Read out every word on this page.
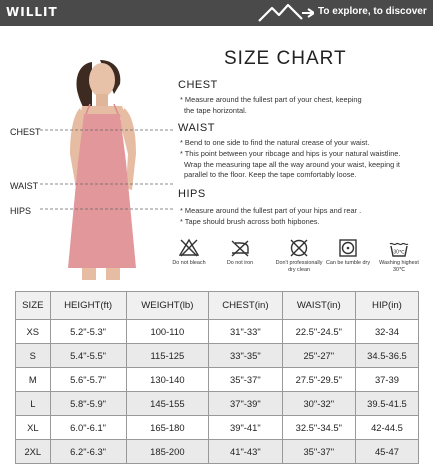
WILLIT	To explore, to discover
CHEST
WAIST
HIPS
SIZE CHART
CHEST
* Measure around the fullest part of your chest, keeping
the tape horizontal.
WAIST
* Bend to one side to find the natural crease of your waist.
* This point between your ribcage and hips is your natural waistline.
Wrap the measuring tape all the way around your waist, keeping it
parallel to the floor. Keep the tape comfortably loose.
HIPS
* Measure around the fullest part of your hips and rear .
* Tape should brush across both hipbones.
Do not bleach	Do not iron	Don't professionally dry clean
Can be tumble dry
30℃
Washing highest 30℃
SIZE	HEIGHT(ft)	WEIGHT(lb)	CHEST(in)	WAIST(in)	HIP(in)
XS	5.2"-5.3"	100-110	31"-33"	22.5"-24.5"	32-34
S	5.4"-5.5"	115-125	33"-35"	25"-27"	34.5-36.5
M	5.6"-5.7"	130-140	35"-37"	27.5"-29.5"	37-39
L	5.8"-5.9"	145-155	37"-39"	30"-32"	39.5-41.5
XL	6.0"-6.1"	165-180	39"-41"	32.5"-34.5"	42-44.5
2XL	6.2"-6.3"	185-200	41"-43"	35"-37"	45-47
